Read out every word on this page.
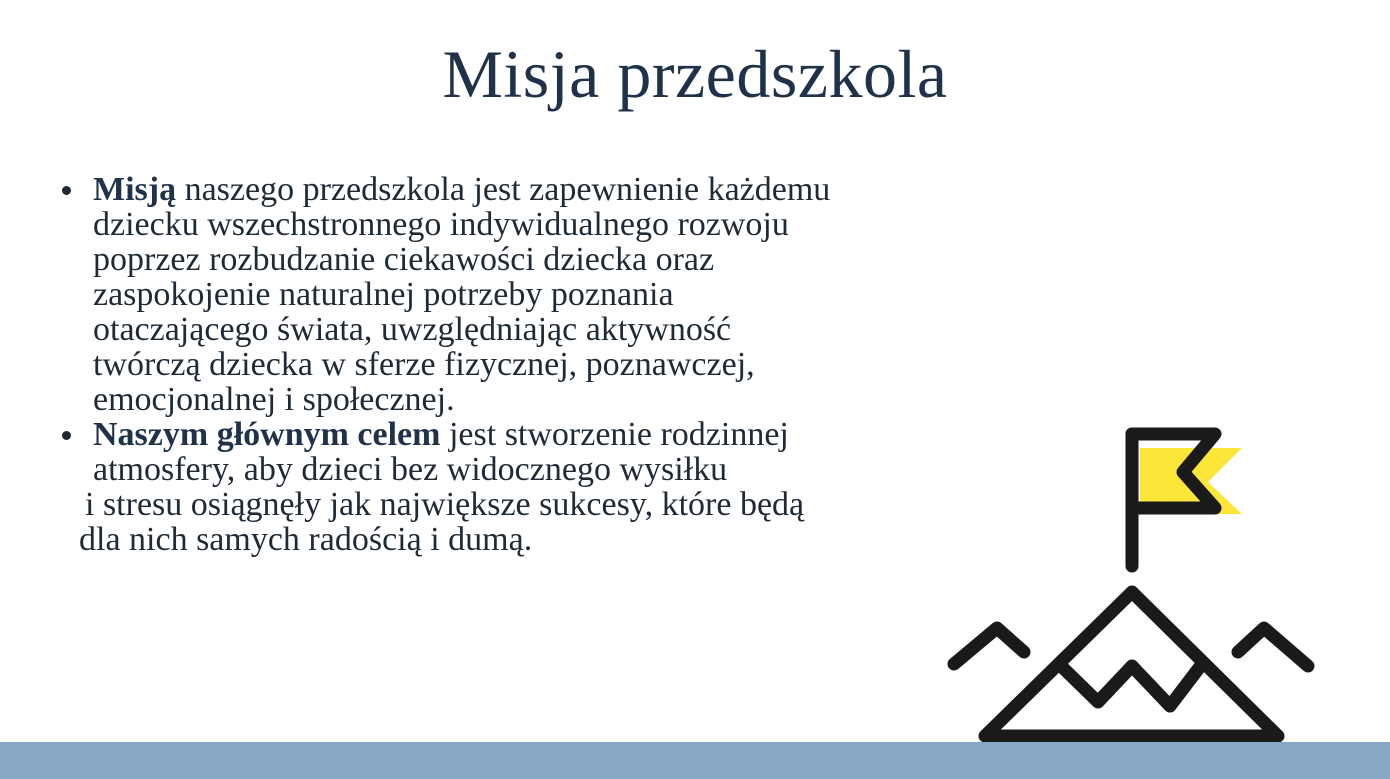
Misja przedszkola
Misją naszego przedszkola jest zapewnienie każdemu
dziecku wszechstronnego indywidualnego rozwoju
poprzez rozbudzanie ciekawości dziecka oraz
zaspokojenie naturalnej potrzeby poznania
otaczającego świata, uwzględniając aktywność
twórczą dziecka w sferze fizycznej, poznawczej,
emocjonalnej i społecznej.
Naszym głównym celem jest stworzenie rodzinnej
atmosfery, aby dzieci bez widocznego wysiłku
i stresu osiągnęły jak największe sukcesy, które będą
dla nich samych radością i dumą.
